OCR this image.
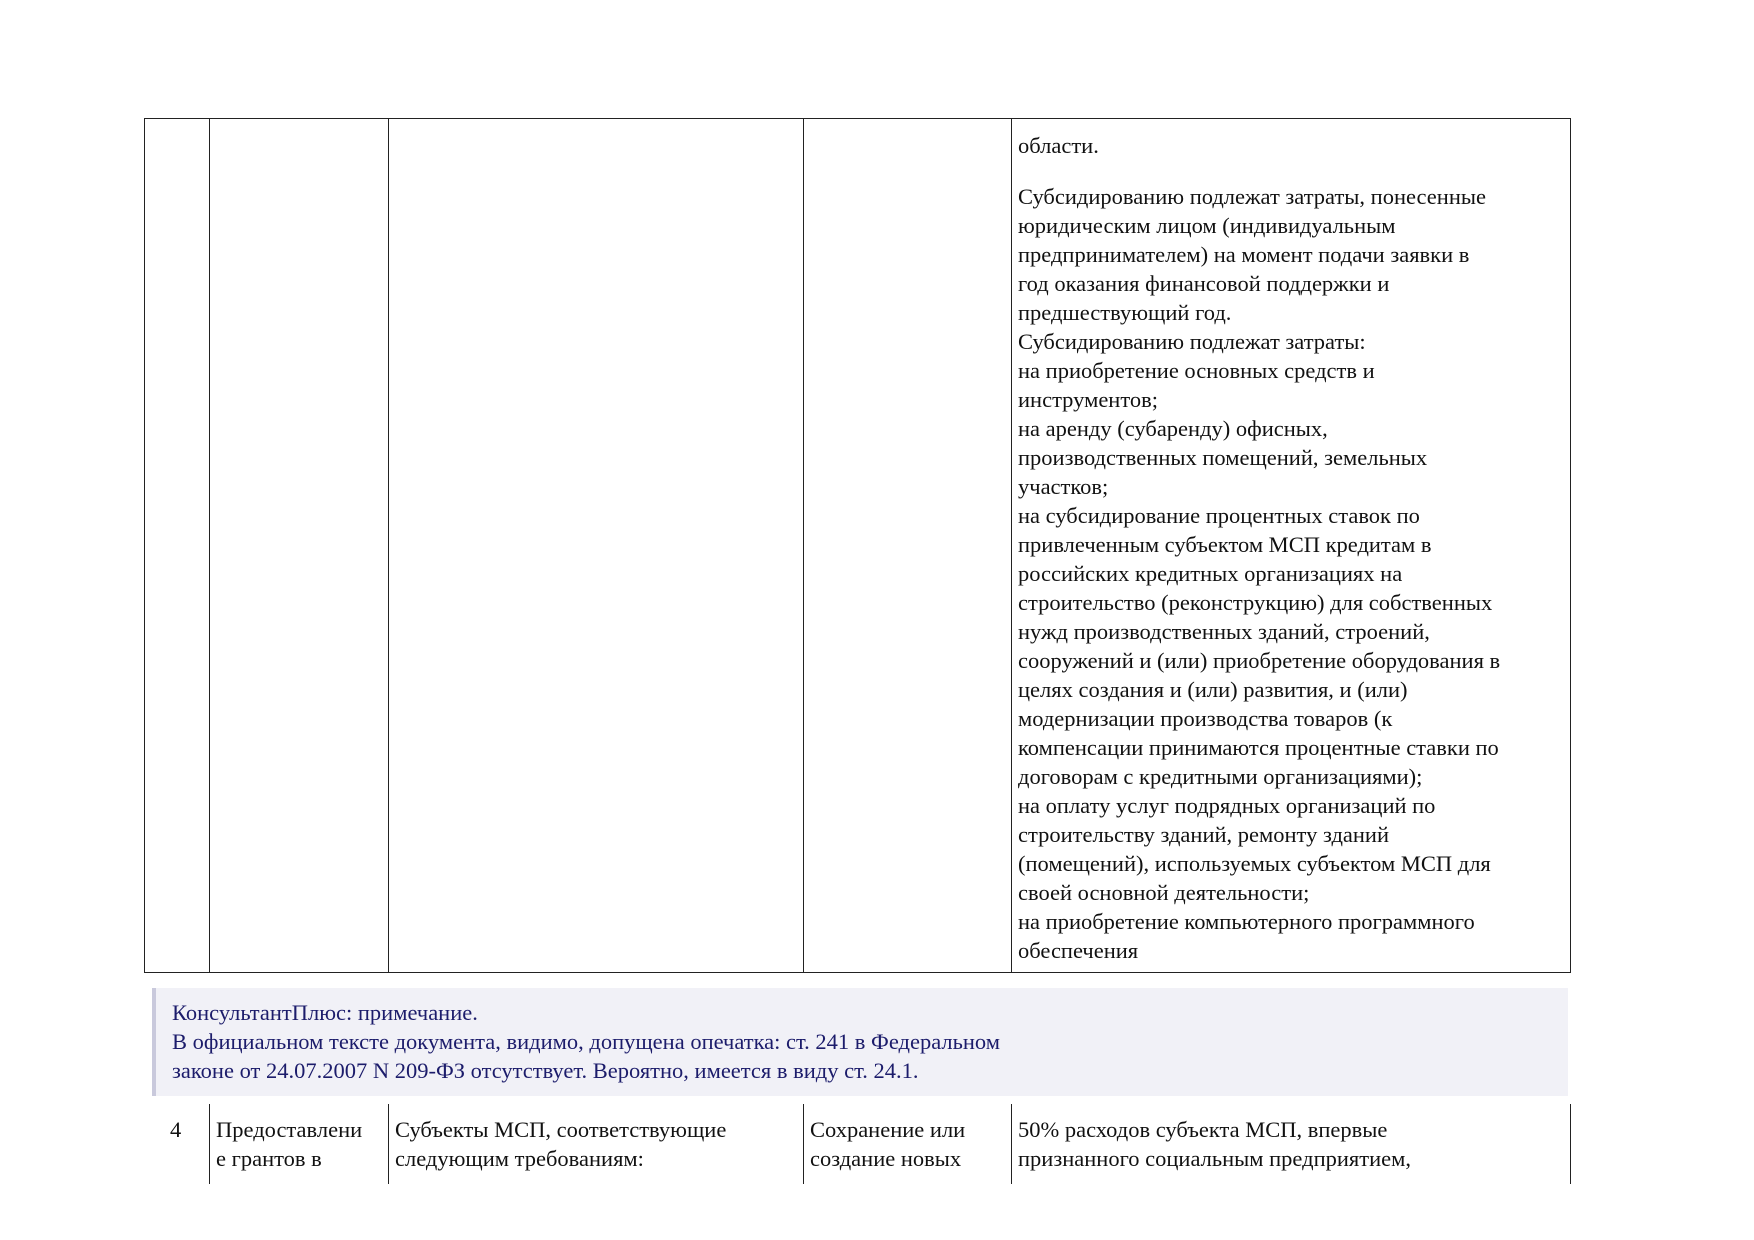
области.
Субсидированию подлежат затраты, понесенные
юридическим лицом (индивидуальным
предпринимателем) на момент подачи заявки в
год оказания финансовой поддержки и
предшествующий год.
Субсидированию подлежат затраты:
на приобретение основных средств и
инструментов;
на аренду (субаренду) офисных,
производственных помещений, земельных
участков;
на субсидирование процентных ставок по
привлеченным субъектом МСП кредитам в
российских кредитных организациях на
строительство (реконструкцию) для собственных
нужд производственных зданий, строений,
сооружений и (или) приобретение оборудования в
целях создания и (или) развития, и (или)
модернизации производства товаров (к
компенсации принимаются процентные ставки по
договорам с кредитными организациями);
на оплату услуг подрядных организаций по
строительству зданий, ремонту зданий
(помещений), используемых субъектом МСП для
своей основной деятельности;
на приобретение компьютерного программного
обеспечения
КонсультантПлюс: примечание.
В официальном тексте документа, видимо, допущена опечатка: ст. 241 в Федеральном
законе от 24.07.2007 N 209-ФЗ отсутствует. Вероятно, имеется в виду ст. 24.1.
4 Предоставлени
е грантов в
Субъекты МСП, соответствующие
следующим требованиям:
Сохранение или
создание новых
50% расходов субъекта МСП, впервые
признанного социальным предприятием,
